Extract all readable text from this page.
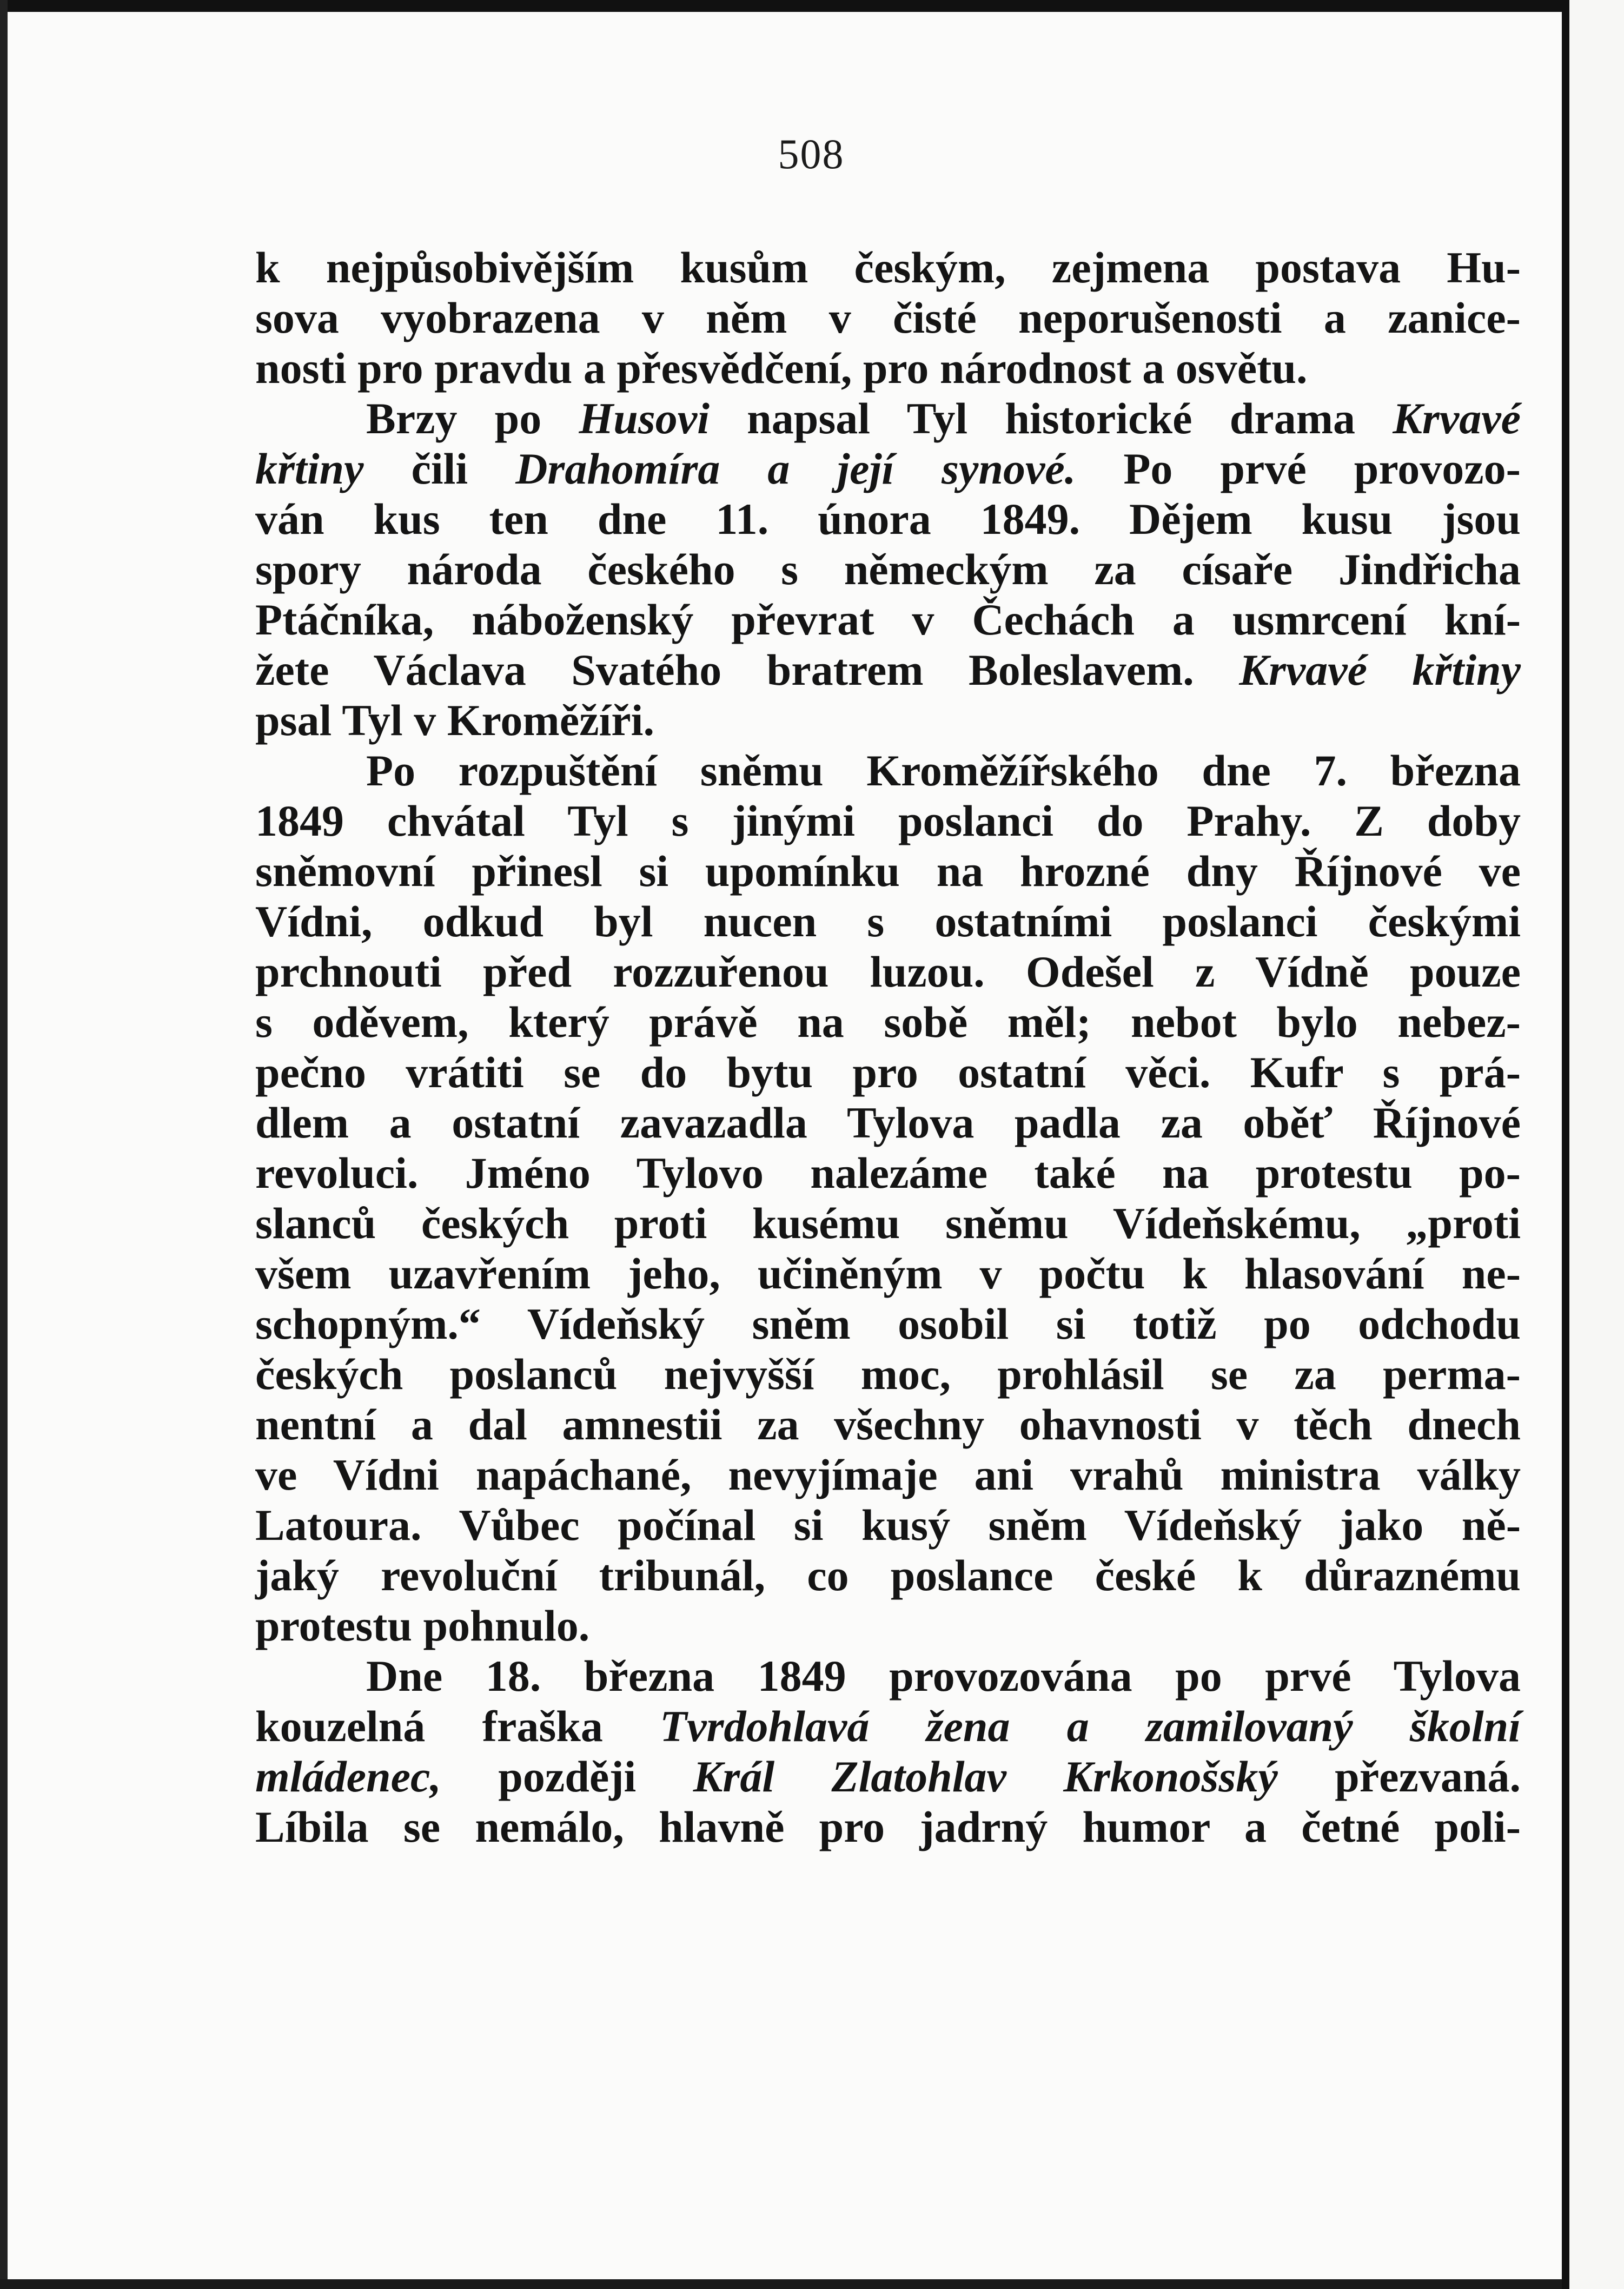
508
k nejpůsobivějším kusům českým, zejmena postava Hu-
sova vyobrazena v něm v čisté neporušenosti a zanice-
nosti pro pravdu a přesvědčení, pro národnost a osvětu.
Brzy po Husovi napsal Tyl historické drama Krvavé
křtiny čili Drahomíra a její synové. Po prvé provozo-
ván kus ten dne 11. února 1849. Dějem kusu jsou
spory národa českého s německým za císaře Jindřicha
Ptáčníka, náboženský převrat v Čechách a usmrcení kní-
žete Václava Svatého bratrem Boleslavem. Krvavé křtiny
psal Tyl v Kroměžíři.
Po rozpuštění sněmu Kroměžířského dne 7. března
1849 chvátal Tyl s jinými poslanci do Prahy. Z doby
sněmovní přinesl si upomínku na hrozné dny Říjnové ve
Vídni, odkud byl nucen s ostatními poslanci českými
prchnouti před rozzuřenou luzou. Odešel z Vídně pouze
s oděvem, který právě na sobě měl; nebot bylo nebez-
pečno vrátiti se do bytu pro ostatní věci. Kufr s prá-
dlem a ostatní zavazadla Tylova padla za oběť Říjnové
revoluci. Jméno Tylovo nalezáme také na protestu po-
slanců českých proti kusému sněmu Vídeňskému, „proti
všem uzavřením jeho, učiněným v počtu k hlasování ne-
schopným.“ Vídeňský sněm osobil si totiž po odchodu
českých poslanců nejvyšší moc, prohlásil se za perma-
nentní a dal amnestii za všechny ohavnosti v těch dnech
ve Vídni napáchané, nevyjímaje ani vrahů ministra války
Latoura. Vůbec počínal si kusý sněm Vídeňský jako ně-
jaký revoluční tribunál, co poslance české k důraznému
protestu pohnulo.
Dne 18. března 1849 provozována po prvé Tylova
kouzelná fraška Tvrdohlavá žena a zamilovaný školní
mládenec, později Král Zlatohlav Krkonošský přezvaná.
Líbila se nemálo, hlavně pro jadrný humor a četné poli-
